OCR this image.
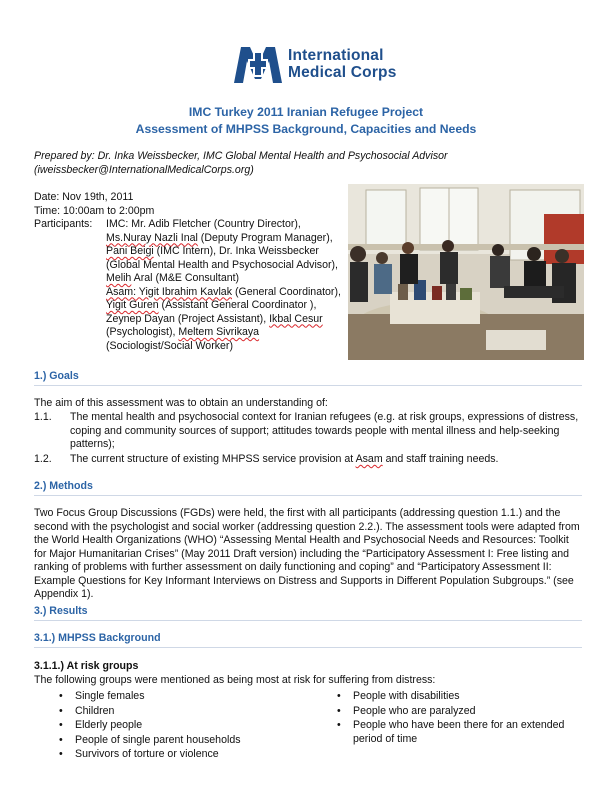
International
Medical Corps
IMC Turkey 2011 Iranian Refugee Project
Assessment of MHPSS Background, Capacities and Needs
Prepared by: Dr. Inka Weissbecker, IMC Global Mental Health and Psychosocial Advisor
(iweissbecker@InternationalMedicalCorps.org)
Date: Nov 19th, 2011
Time: 10:00am to 2:00pm
Participants: IMC: Mr. Adib Fletcher (Country Director),
Ms.Nuray Nazli Inal (Deputy Program Manager),
Pani Beigi (IMC Intern), Dr. Inka Weissbecker
(Global Mental Health and Psychosocial Advisor),
Melih Aral (M&E Consultant)
Asam: Yigit Ibrahim Kavlak (General Coordinator),
Yigit Guren (Assistant General Coordinator ),
Zeynep Dayan (Project Assistant), Ikbal Cesur
(Psychologist), Meltem Sivrikaya
(Sociologist/Social Worker)
1.) Goals
The aim of this assessment was to obtain an understanding of:
1.1. The mental health and psychosocial context for Iranian refugees (e.g. at risk groups, expressions of distress, coping and community sources of support; attitudes towards people with mental illness and help-seeking patterns);
1.2. The current structure of existing MHPSS service provision at Asam and staff training needs.
2.) Methods
Two Focus Group Discussions (FGDs) were held, the first with all participants (addressing question 1.1.) and the second with the psychologist and social worker (addressing question 2.2.). The assessment tools were adapted from the World Health Organizations (WHO) “Assessing Mental Health and Psychosocial Needs and Resources: Toolkit for Major Humanitarian Crises” (May 2011 Draft version) including the “Participatory Assessment I: Free listing and ranking of problems with further assessment on daily functioning and coping” and “Participatory Assessment II: Example Questions for Key Informant Interviews on Distress and Supports in Different Population Subgroups.” (see Appendix 1).
3.) Results
3.1.) MHPSS Background
3.1.1.) At risk groups
The following groups were mentioned as being most at risk for suffering from distress:
• Single females
• Children
• Elderly people
• People of single parent households
• Survivors of torture or violence
• People with disabilities
• People who are paralyzed
• People who have been there for an extended period of time
